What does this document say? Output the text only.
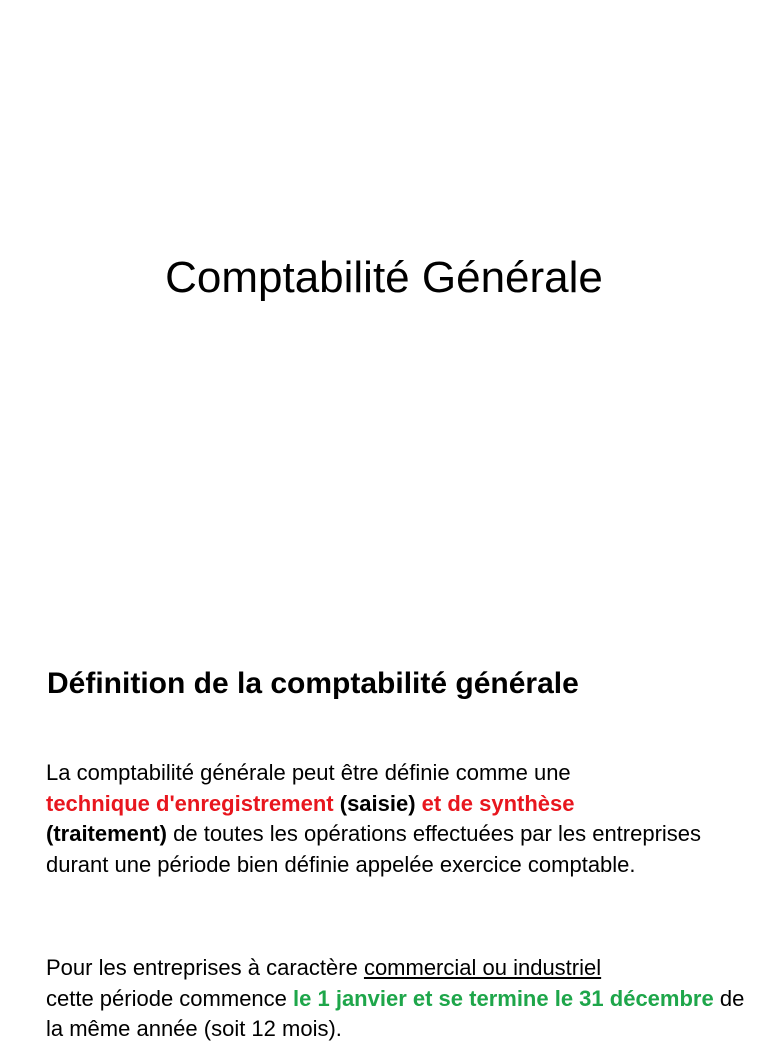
Comptabilité Générale
Définition de la comptabilité générale

La comptabilité générale peut être définie comme une
technique d'enregistrement (saisie) et de synthèse
(traitement) de toutes les opérations effectuées par les entreprises durant une période bien définie appelée exercice comptable.

Pour les entreprises à caractère commercial ou industriel
cette période commence le 1 janvier et se termine le 31 décembre de la même année (soit 12 mois).
